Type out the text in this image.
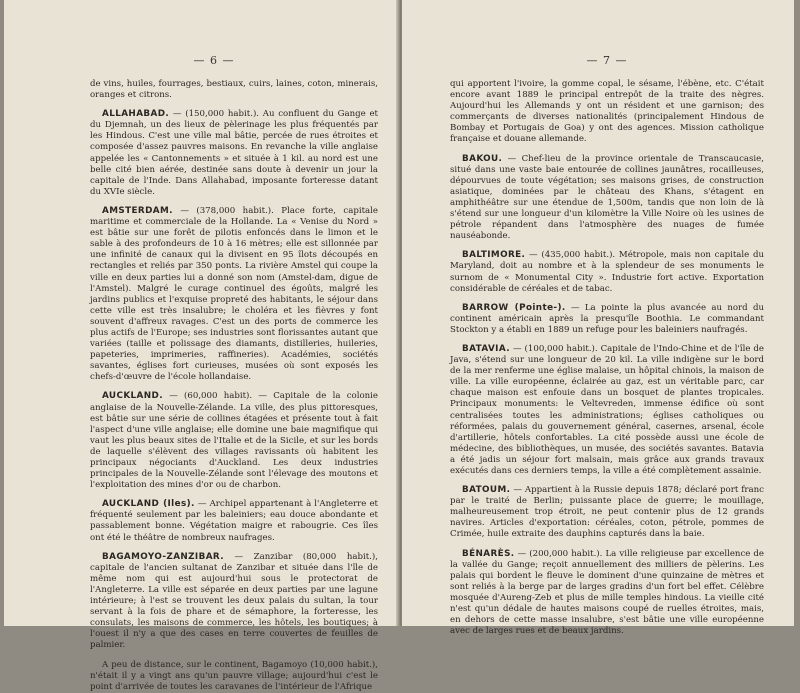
— 6 —

de vins, huiles, fourrages, bestiaux, cuirs, laines, coton, minerais, oranges et citrons.

ALLAHABAD. — (150,000 habit.). Au confluent du Gange et du Djemnah, un des lieux de pèlerinage les plus fréquentés par les Hindous. C'est une ville mal bâtie, percée de rues étroites et composée d'assez pauvres maisons. En revanche la ville anglaise appelée les « Cantonnements » et située à 1 kil. au nord est une belle cité bien aérée, destinée sans doute à devenir un jour la capitale de l'Inde. Dans Allahabad, imposante forteresse datant du XVIe siècle.

AMSTERDAM. — (378,000 habit.). Place forte, capitale maritime et commerciale de la Hollande. La « Venise du Nord » est bâtie sur une forêt de pilotis enfoncés dans le limon et le sable à des profondeurs de 10 à 16 mètres; elle est sillonnée par une infinité de canaux qui la divisent en 95 îlots découpés en rectangles et reliés par 350 ponts. La rivière Amstel qui coupe la ville en deux parties lui a donné son nom (Amstel-dam, digue de l'Amstel). Malgré le curage continuel des égoûts, malgré les jardins publics et l'exquise propreté des habitants, le séjour dans cette ville est très insalubre; le choléra et les fièvres y font souvent d'affreux ravages. C'est un des ports de commerce les plus actifs de l'Europe; ses industries sont florissantes autant que variées (taille et polissage des diamants, distilleries, huileries, papeteries, imprimeries, raffineries). Académies, sociétés savantes, églises fort curieuses, musées où sont exposés les chefs-d'œuvre de l'école hollandaise.

AUCKLAND. — (60,000 habit). — Capitale de la colonie anglaise de la Nouvelle-Zélande. La ville, des plus pittoresques, est bâtie sur une série de collines étagées et présente tout à fait l'aspect d'une ville anglaise; elle domine une baie magnifique qui vaut les plus beaux sites de l'Italie et de la Sicile, et sur les bords de laquelle s'élèvent des villages ravissants où habitent les principaux négociants d'Auckland. Les deux industries principales de la Nouvelle-Zélande sont l'élevage des moutons et l'exploitation des mines d'or ou de charbon.

AUCKLAND (Iles). — Archipel appartenant à l'Angleterre et fréquenté seulement par les baleiniers; eau douce abondante et passablement bonne. Végétation maigre et rabougrie. Ces îles ont été le théâtre de nombreux naufrages.

BAGAMOYO-ZANZIBAR. — Zanzibar (80,000 habit.), capitale de l'ancien sultanat de Zanzibar et située dans l'île de même nom qui est aujourd'hui sous le protectorat de l'Angleterre. La ville est séparée en deux parties par une lagune intérieure; à l'est se trouvent les deux palais du sultan, la tour servant à la fois de phare et de sémaphore, la forteresse, les consulats, les maisons de commerce, les hôtels, les boutiques; à l'ouest il n'y a que des cases en terre couvertes de feuilles de palmier.

A peu de distance, sur le continent, Bagamoyo (10,000 habit.), n'était il y a vingt ans qu'un pauvre village; aujourd'hui c'est le point d'arrivée de toutes les caravanes de l'intérieur de l'Afrique

— 7 —

qui apportent l'ivoire, la gomme copal, le sésame, l'ébène, etc. C'était encore avant 1889 le principal entrepôt de la traite des nègres. Aujourd'hui les Allemands y ont un résident et une garnison; des commerçants de diverses nationalités (principalement Hindous de Bombay et Portugais de Goa) y ont des agences. Mission catholique française et douane allemande.

BAKOU. — Chef-lieu de la province orientale de Transcaucasie, situé dans une vaste baie entourée de collines jaunâtres, rocailleuses, dépourvues de toute végétation; ses maisons grises, de construction asiatique, dominées par le château des Khans, s'étagent en amphithéâtre sur une étendue de 1,500m, tandis que non loin de là s'étend sur une longueur d'un kilomètre la Ville Noire où les usines de pétrole répandent dans l'atmosphère des nuages de fumée nauséabonde.

BALTIMORE. — (435,000 habit.). Métropole, mais non capitale du Maryland, doit au nombre et à la splendeur de ses monuments le surnom de « Monumental City ». Industrie fort active. Exportation considérable de céréales et de tabac.

BARROW (Pointe-). — La pointe la plus avancée au nord du continent américain après la presqu'île Boothia. Le commandant Stockton y a établi en 1889 un refuge pour les baleiniers naufragés.

BATAVIA. — (100,000 habit.). Capitale de l'Indo-Chine et de l'île de Java, s'étend sur une longueur de 20 kil. La ville indigène sur le bord de la mer renferme une église malaise, un hôpital chinois, la maison de ville. La ville européenne, éclairée au gaz, est un véritable parc, car chaque maison est enfouie dans un bosquet de plantes tropicales. Principaux monuments: le Veltevreden, immense édifice où sont centralisées toutes les administrations; églises catholiques ou réformées, palais du gouvernement général, casernes, arsenal, école d'artillerie, hôtels confortables. La cité possède aussi une école de médecine, des bibliothèques, un musée, des sociétés savantes. Batavia a été jadis un séjour fort malsain, mais grâce aux grands travaux exécutés dans ces derniers temps, la ville a été complètement assainie.

BATOUM. — Appartient à la Russie depuis 1878; déclaré port franc par le traité de Berlin; puissante place de guerre; le mouillage, malheureusement trop étroit, ne peut contenir plus de 12 grands navires. Articles d'exportation: céréales, coton, pétrole, pommes de Crimée, huile extraite des dauphins capturés dans la baie.

BÉNARÈS. — (200,000 habit.). La ville religieuse par excellence de la vallée du Gange; reçoit annuellement des milliers de pèlerins. Les palais qui bordent le fleuve le dominent d'une quinzaine de mètres et sont reliés à la berge par de larges gradins d'un fort bel effet. Célèbre mosquée d'Aureng-Zeb et plus de mille temples hindous. La vieille cité n'est qu'un dédale de hautes maisons coupé de ruelles étroites, mais, en dehors de cette masse insalubre, s'est bâtie une ville européenne avec de larges rues et de beaux jardins.
